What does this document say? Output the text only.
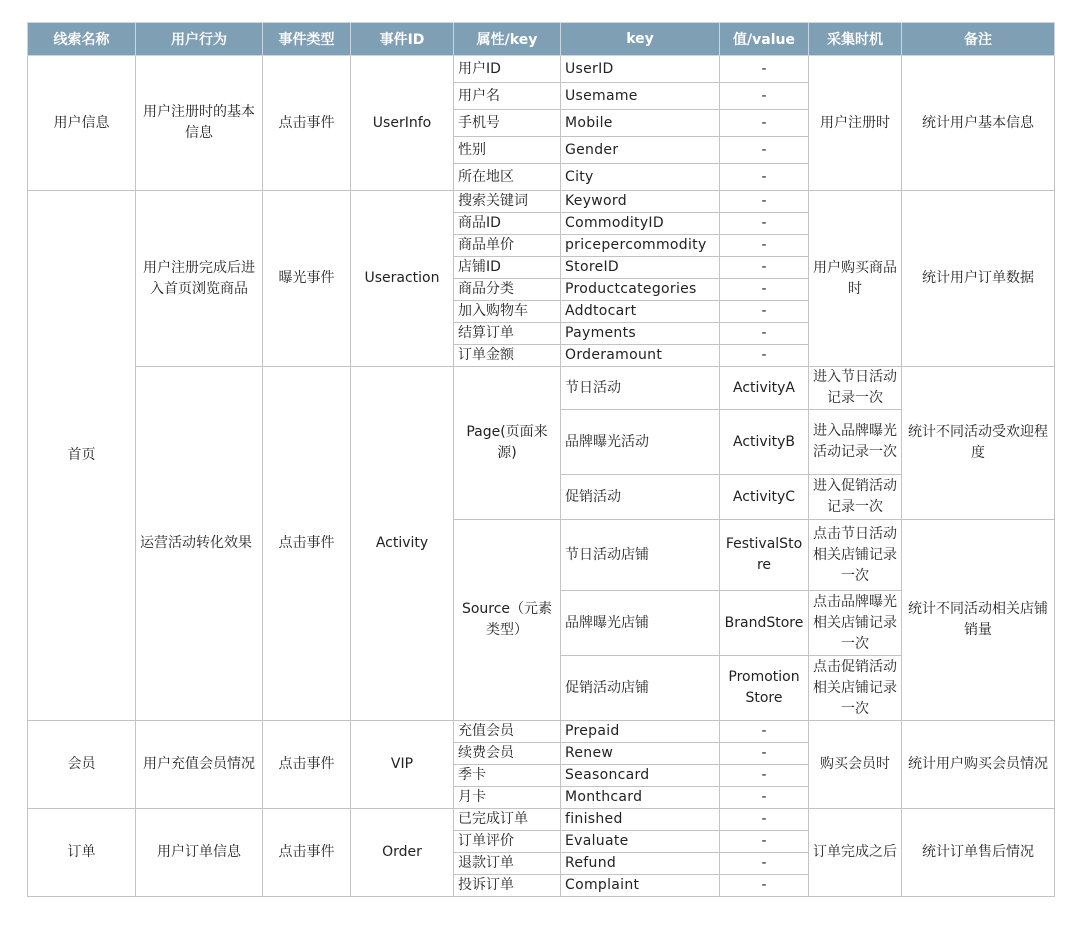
线索名称	用户行为	事件类型	事件ID	属性/key	key	值/value	采集时机	备注
用户信息	用户注册时的基本信息	点击事件	UserInfo	用户ID	UserID	-	用户注册时	统计用户基本信息
				用户名	Usemame	-		
				手机号	Mobile	-		
				性别	Gender	-		
				所在地区	City	-		
首页	用户注册完成后进入首页浏览商品	曝光事件	Useraction	搜索关键词	Keyword	-	用户购买商品时	统计用户订单数据
				商品ID	CommodityID	-		
				商品单价	pricepercommodity	-		
				店铺ID	StoreID	-		
				商品分类	Productcategories	-		
				加入购物车	Addtocart	-		
				结算订单	Payments	-		
				订单金额	Orderamount	-		
	运营活动转化效果	点击事件	Activity	Page(页面来源)	节日活动	ActivityA	进入节日活动记录一次	统计不同活动受欢迎程度
					品牌曝光活动	ActivityB	进入品牌曝光活动记录一次	
					促销活动	ActivityC	进入促销活动记录一次	
				Source（元素类型）	节日活动店铺	FestivalStore	点击节日活动相关店铺记录一次	统计不同活动相关店铺销量
					品牌曝光店铺	BrandStore	点击品牌曝光相关店铺记录一次	
					促销活动店铺	Promotion Store	点击促销活动相关店铺记录一次	
会员	用户充值会员情况	点击事件	VIP	充值会员	Prepaid	-	购买会员时	统计用户购买会员情况
				续费会员	Renew	-		
				季卡	Seasoncard	-		
				月卡	Monthcard	-		
订单	用户订单信息	点击事件	Order	已完成订单	finished	-	订单完成之后	统计订单售后情况
				订单评价	Evaluate	-		
				退款订单	Refund	-		
				投诉订单	Complaint	-		
